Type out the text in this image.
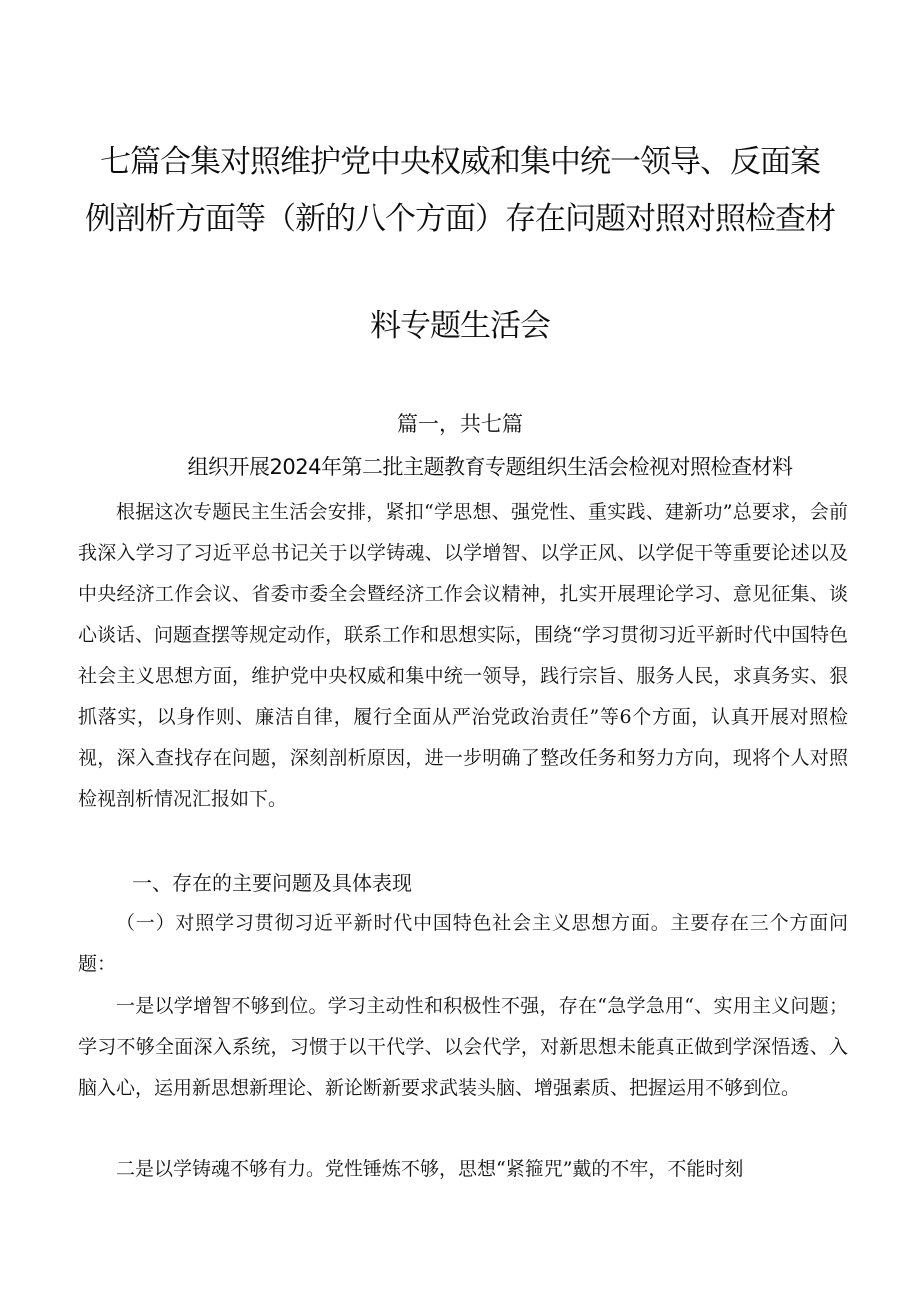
七篇合集对照维护党中央权威和集中统一领导、反面案
例剖析方面等（新的八个方面）存在问题对照对照检查材
料专题生活会
篇一，共七篇
组织开展2024年第二批主题教育专题组织生活会检视对照检查材料

根据这次专题民主生活会安排，紧扣“学思想、强党性、重实践、建新功”总要求，会前我深入学习了习近平总书记关于以学铸魂、以学增智、以学正风、以学促干等重要论述以及中央经济工作会议、省委市委全会暨经济工作会议精神，扎实开展理论学习、意见征集、谈心谈话、问题查摆等规定动作，联系工作和思想实际，围绕“学习贯彻习近平新时代中国特色社会主义思想方面，维护党中央权威和集中统一领导，践行宗旨、服务人民，求真务实、狠抓落实，以身作则、廉洁自律，履行全面从严治党政治责任”等6个方面，认真开展对照检视，深入查找存在问题，深刻剖析原因，进一步明确了整改任务和努力方向，现将个人对照检视剖析情况汇报如下。

一、存在的主要问题及具体表现

（一）对照学习贯彻习近平新时代中国特色社会主义思想方面。主要存在三个方面问题：

一是以学增智不够到位。学习主动性和积极性不强，存在“急学急用“、实用主义问题；学习不够全面深入系统，习惯于以干代学、以会代学，对新思想未能真正做到学深悟透、入脑入心，运用新思想新理论、新论断新要求武装头脑、增强素质、把握运用不够到位。

二是以学铸魂不够有力。党性锤炼不够，思想“紧箍咒”戴的不牢，不能时刻
